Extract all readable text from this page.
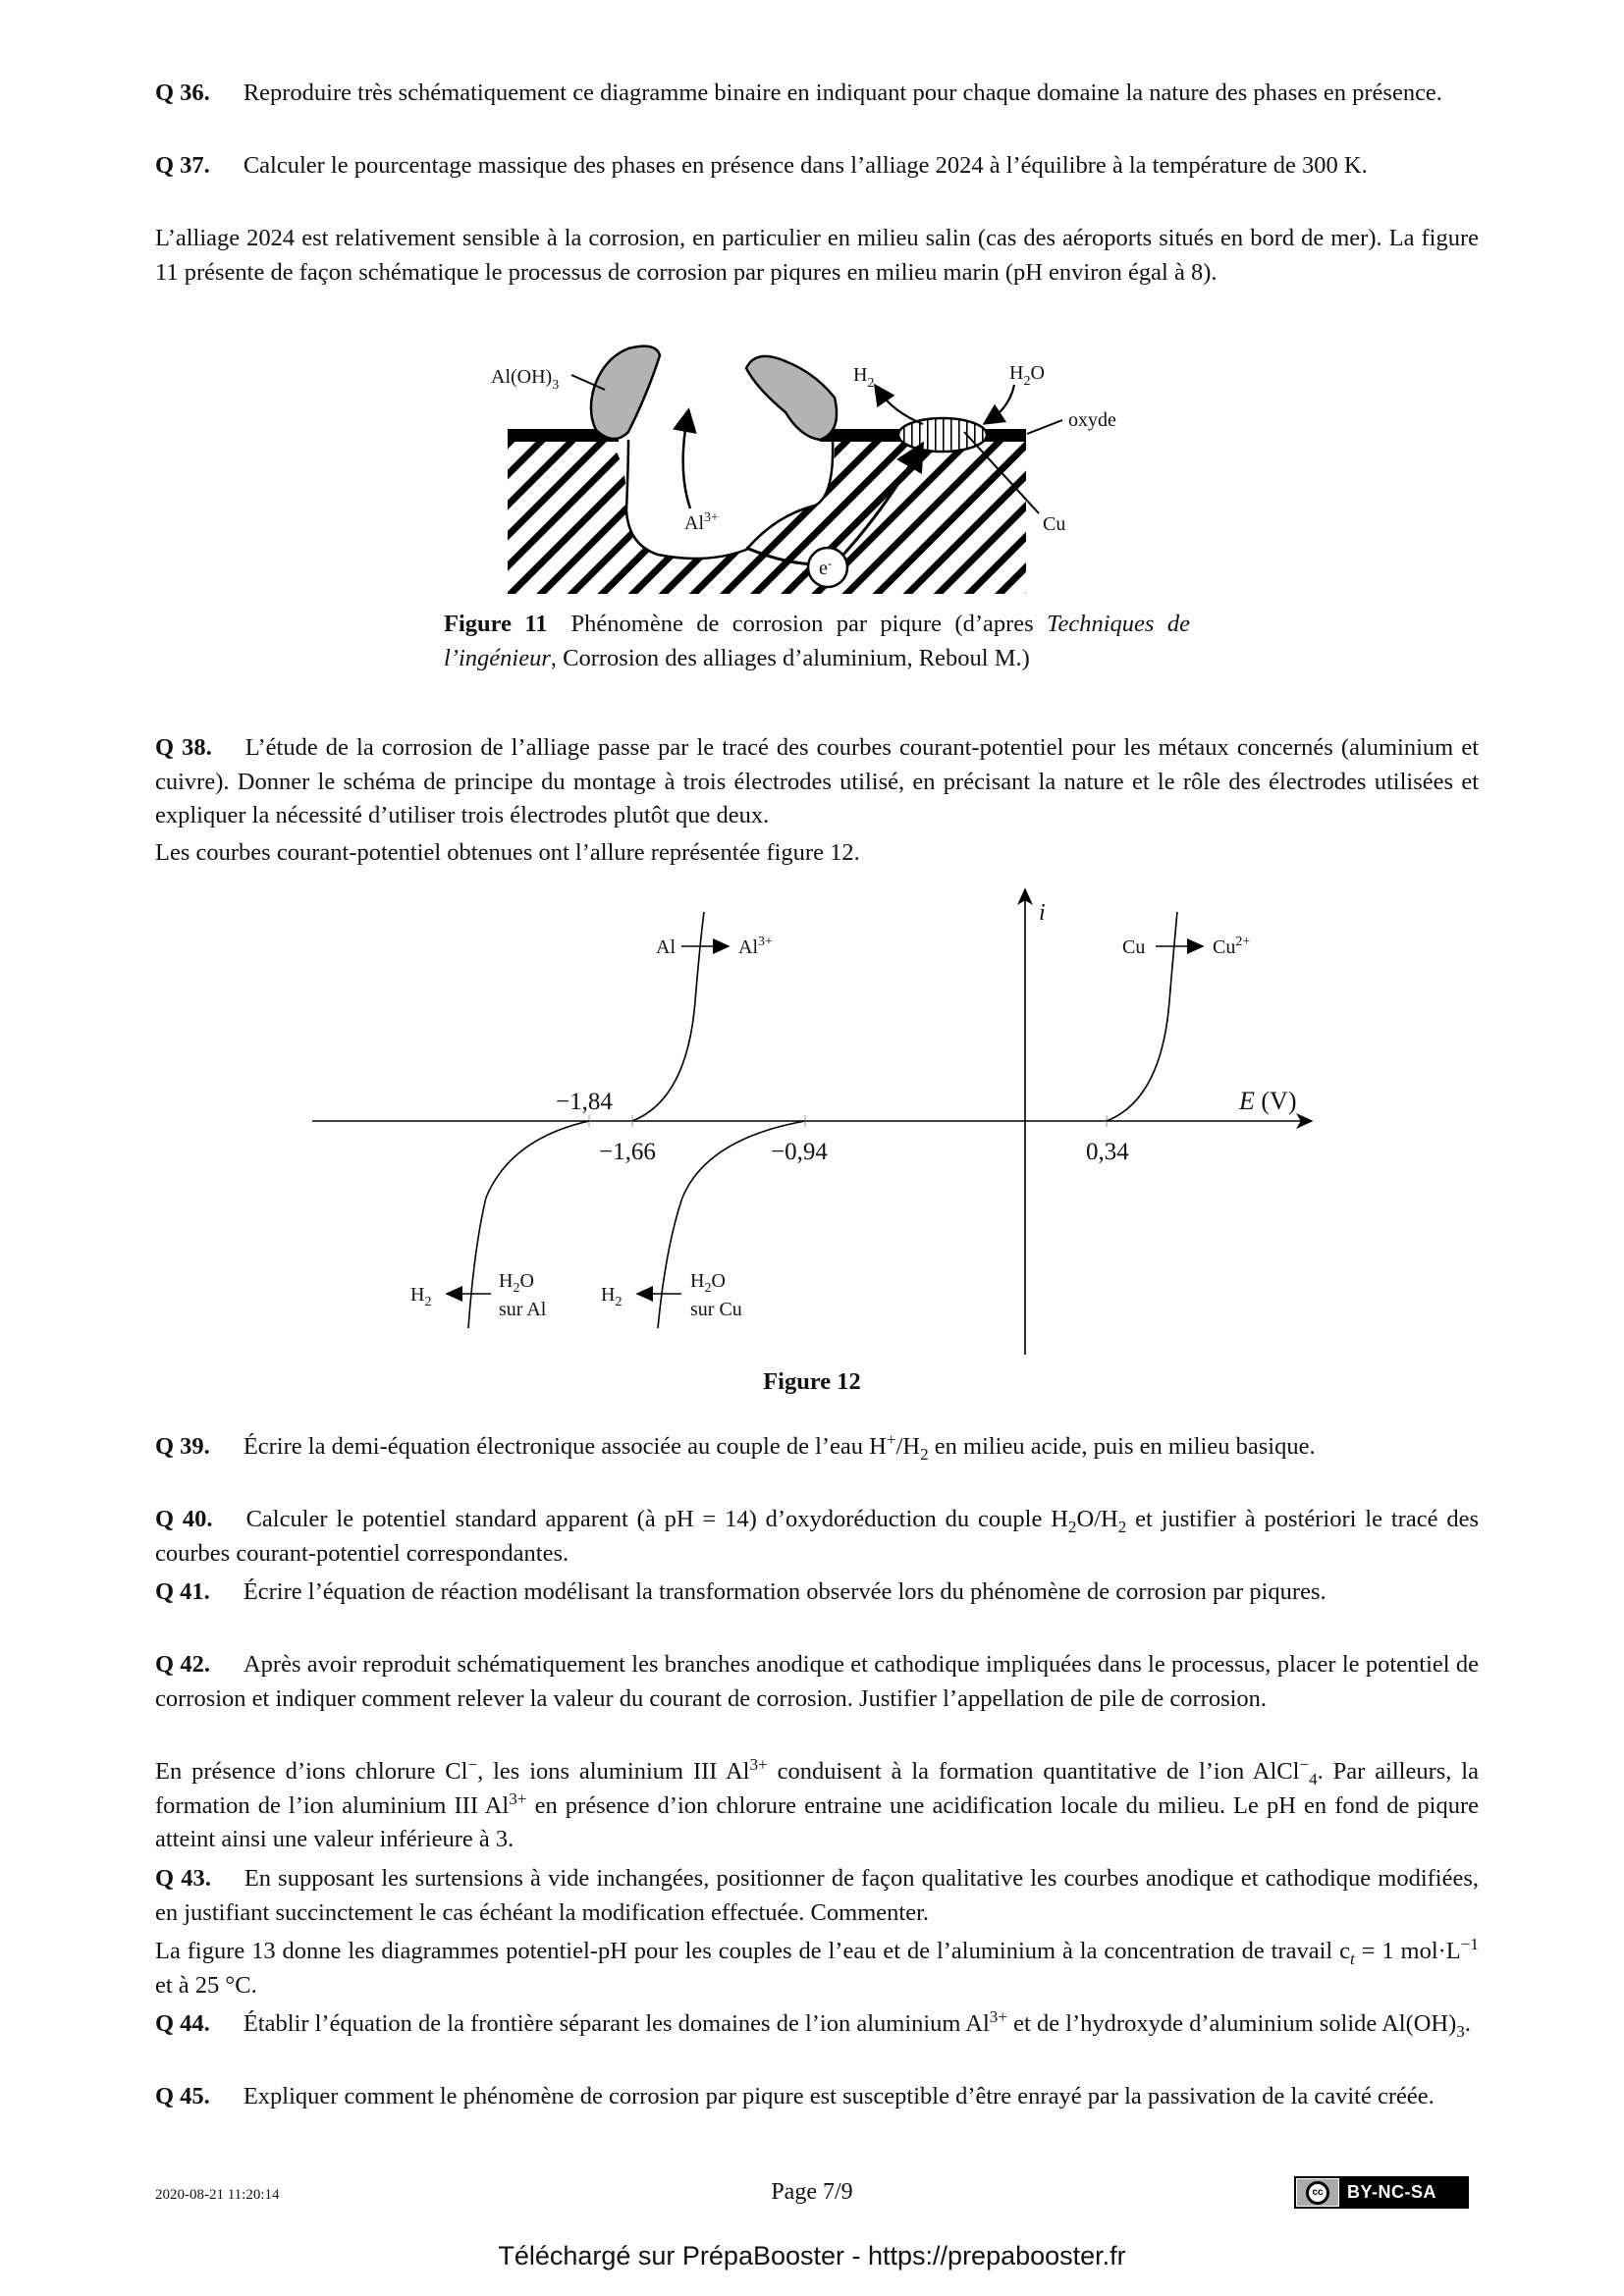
Q 36. Reproduire très schématiquement ce diagramme binaire en indiquant pour chaque domaine la nature des phases en présence.
Q 37. Calculer le pourcentage massique des phases en présence dans l’alliage 2024 à l’équilibre à la température de 300 K.
L’alliage 2024 est relativement sensible à la corrosion, en particulier en milieu salin (cas des aéroports situés en bord de mer). La figure 11 présente de façon schématique le processus de corrosion par piqures en milieu marin (pH environ égal à 8).
$Al(OH)_3$	$H_2$	$H_2O$
oxyde
$Al^{3+}$	Cu
e-
Figure 11 Phénomène de corrosion par piqure (d’apres Techniques de l’ingénieur, Corrosion des alliages d’aluminium, Reboul M.)
Q 38. L’étude de la corrosion de l’alliage passe par le tracé des courbes courant-potentiel pour les métaux concernés (aluminium et cuivre). Donner le schéma de principe du montage à trois électrodes utilisé, en précisant la nature et le rôle des électrodes utilisées et expliquer la nécessité d’utiliser trois électrodes plutôt que deux.
Les courbes courant-potentiel obtenues ont l’allure représentée figure 12.
i
E (V)
Al	$Al^{3+}$	Cu	$Cu^{2+}$
$H_2$
$H_2O$
sur Al
$H_2$
$H_2O$
sur Cu
−1,84
−1,66	−0,94	0,34
Figure 12
Q 39. Écrire la demi-équation électronique associée au couple de l’eau $H^+/H_2$ en milieu acide, puis en milieu basique.
Q 40. Calculer le potentiel standard apparent (à pH = 14) d’oxydoréduction du couple $H_2O/H_2$ et justifier à postériori le tracé des courbes courant-potentiel correspondantes.
Q 41. Écrire l’équation de réaction modélisant la transformation observée lors du phénomène de corrosion par piqures.
Q 42. Après avoir reproduit schématiquement les branches anodique et cathodique impliquées dans le processus, placer le potentiel de corrosion et indiquer comment relever la valeur du courant de corrosion. Justifier l’appellation de pile de corrosion.
En présence d’ions chlorure Cl−, les ions aluminium III $Al^{3+}$ conduisent à la formation quantitative de l’ion AlCl−$_4$. Par ailleurs, la formation de l’ion aluminium III $Al^{3+}$ en présence d’ion chlorure entraine une acidification locale du milieu. Le pH en fond de piqure atteint ainsi une valeur inférieure à 3.
Q 43. En supposant les surtensions à vide inchangées, positionner de façon qualitative les courbes anodique et cathodique modifiées, en justifiant succinctement le cas échéant la modification effectuée. Commenter.
La figure 13 donne les diagrammes potentiel-pH pour les couples de l’eau et de l’aluminium à la concentration de travail $c_t = 1$ $mol\cdot L^{-1}$ et à 25 °C.
Q 44. Établir l’équation de la frontière séparant les domaines de l’ion aluminium $Al^{3+}$ et de l’hydroxyde d’aluminium solide $Al(OH)_3$.
Q 45. Expliquer comment le phénomène de corrosion par piqure est susceptible d’être enrayé par la passivation de la cavité créée.
2020-08-21 11:20:14	Page 7/9	cc	BY-NC-SA
Téléchargé sur PrépaBooster - https://prepabooster.fr
